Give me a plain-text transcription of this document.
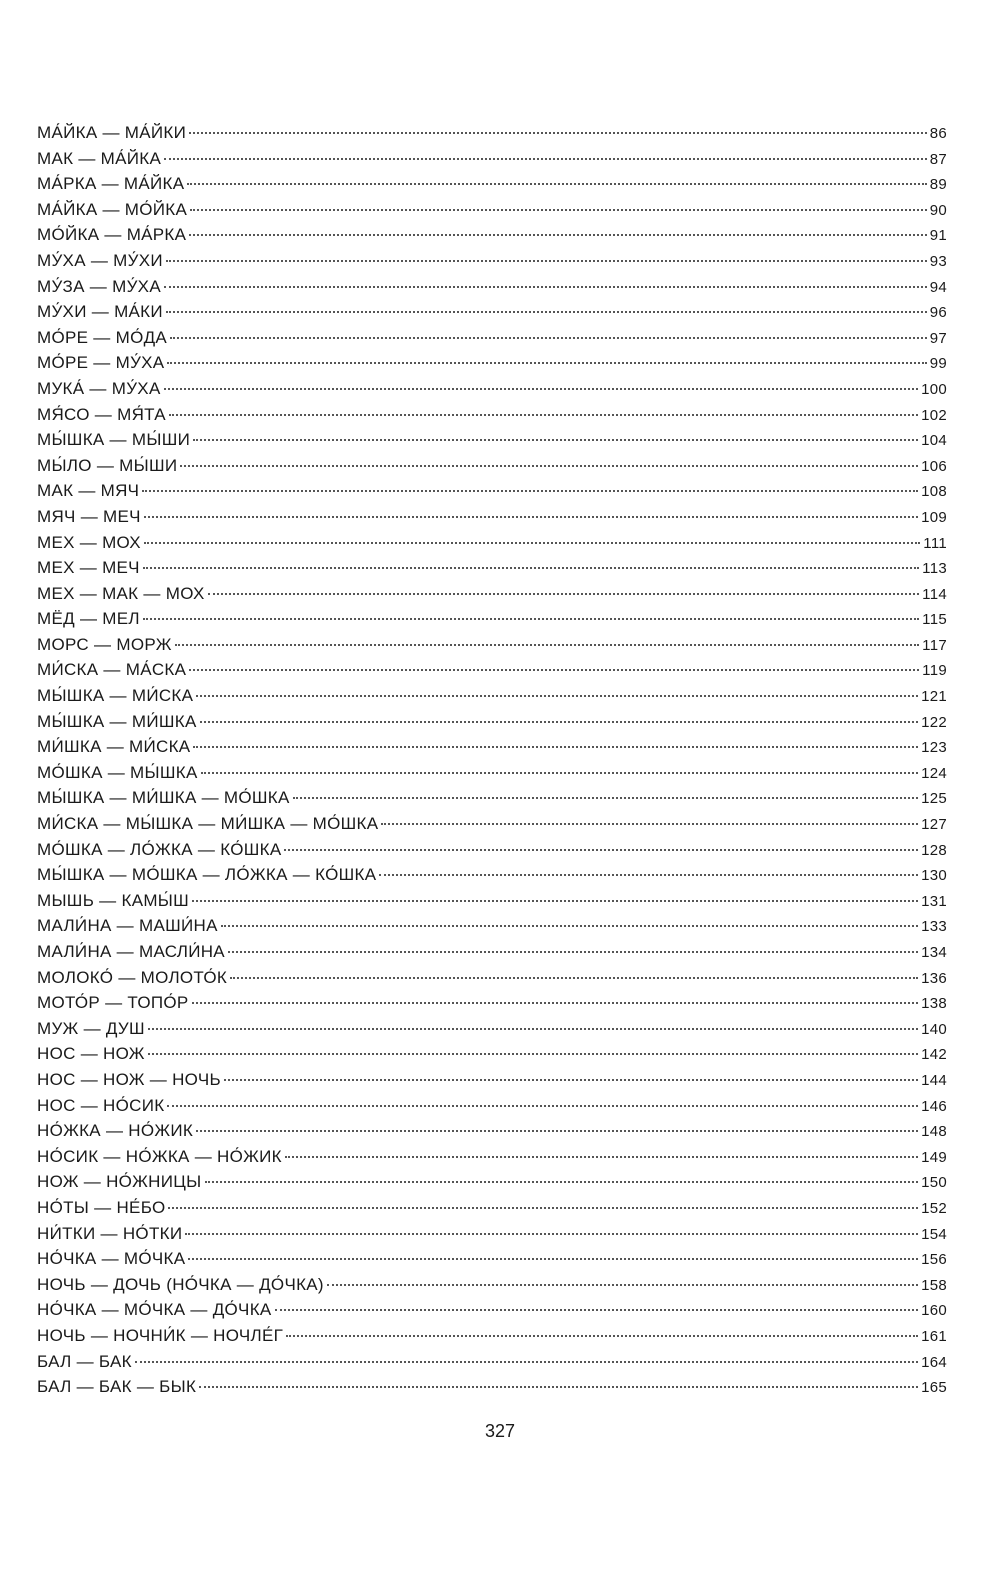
МА́ЙКА — МА́ЙКИ	86
МАК — МА́ЙКА	87
МА́РКА — МА́ЙКА	89
МА́ЙКА — МО́ЙКА	90
МО́ЙКА — МА́РКА	91
МУ́ХА — МУ́ХИ	93
МУ́ЗА — МУ́ХА	94
МУ́ХИ — МА́КИ	96
МО́РЕ — МО́ДА	97
МО́РЕ — МУ́ХА	99
МУКА́ — МУ́ХА	100
МЯ́СО — МЯ́ТА	102
МЫ́ШКА — МЫ́ШИ	104
МЫ́ЛО — МЫ́ШИ	106
МАК — МЯЧ	108
МЯЧ — МЕЧ	109
МЕХ — МОХ	111
МЕХ — МЕЧ	113
МЕХ — МАК — МОХ	114
МЁД — МЕЛ	115
МОРС — МОРЖ	117
МИ́СКА — МА́СКА	119
МЫ́ШКА — МИ́СКА	121
МЫ́ШКА — МИ́ШКА	122
МИ́ШКА — МИ́СКА	123
МО́ШКА — МЫ́ШКА	124
МЫ́ШКА — МИ́ШКА — МО́ШКА	125
МИ́СКА — МЫ́ШКА — МИ́ШКА — МО́ШКА	127
МО́ШКА — ЛО́ЖКА — КО́ШКА	128
МЫ́ШКА — МО́ШКА — ЛО́ЖКА — КО́ШКА	130
МЫШЬ — КАМЫ́Ш	131
МАЛИ́НА — МАШИ́НА	133
МАЛИ́НА — МАСЛИ́НА	134
МОЛОКО́ — МОЛОТО́К	136
МОТО́Р — ТОПО́Р	138
МУЖ — ДУШ	140
НОС — НОЖ	142
НОС — НОЖ — НОЧЬ	144
НОС — НО́СИК	146
НО́ЖКА — НО́ЖИК	148
НО́СИК — НО́ЖКА — НО́ЖИК	149
НОЖ — НО́ЖНИЦЫ	150
НО́ТЫ — НЕ́БО	152
НИ́ТКИ — НО́ТКИ	154
НО́ЧКА — МО́ЧКА	156
НОЧЬ — ДОЧЬ (НО́ЧКА — ДО́ЧКА)	158
НО́ЧКА — МО́ЧКА — ДО́ЧКА	160
НОЧЬ — НОЧНИ́К — НОЧЛЕ́Г	161
БАЛ — БАК	164
БАЛ — БАК — БЫК	165
327
